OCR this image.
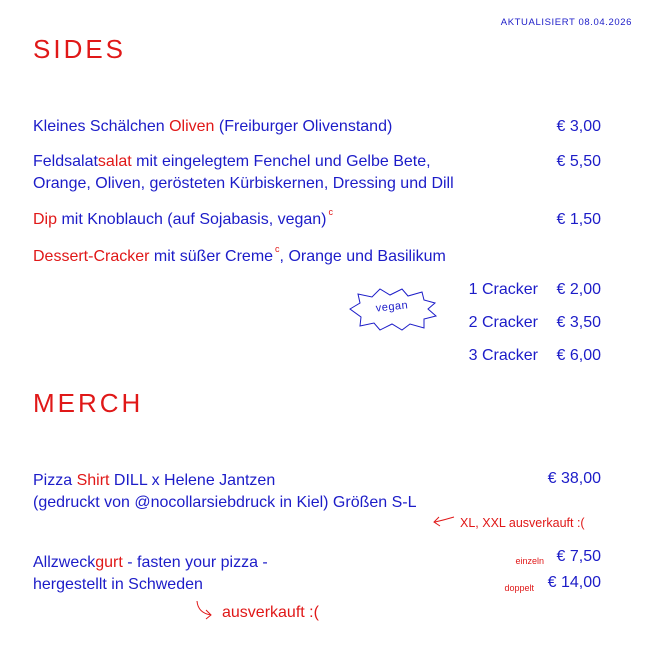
AKTUALISIERT 08.04.2026
SIDES
Kleines Schälchen Oliven (Freiburger Olivenstand)	€ 3,00
Feldsalatsalat mit eingelegtem Fenchel und Gelbe Bete,
Orange, Oliven, gerösteten Kürbiskernen, Dressing und Dill
€ 5,50
Dip mit Knoblauch (auf Sojabasis, vegan) $^c$	€ 1,50
Dessert-Cracker mit süßer Creme $^c$, Orange und Basilikum
1 Cracker € 2,00
2 Cracker € 3,50
3 Cracker € 6,00
vegan
MERCH
Pizza Shirt DILL x Helene Jantzen
(gedruckt von @nocollarsiebdruck in Kiel) Größen S-L
€ 38,00
XL, XXL ausverkauft :(
Allzweckgurt - fasten your pizza -
hergestellt in Schweden
einzeln € 7,50
doppelt € 14,00
ausverkauft :(
